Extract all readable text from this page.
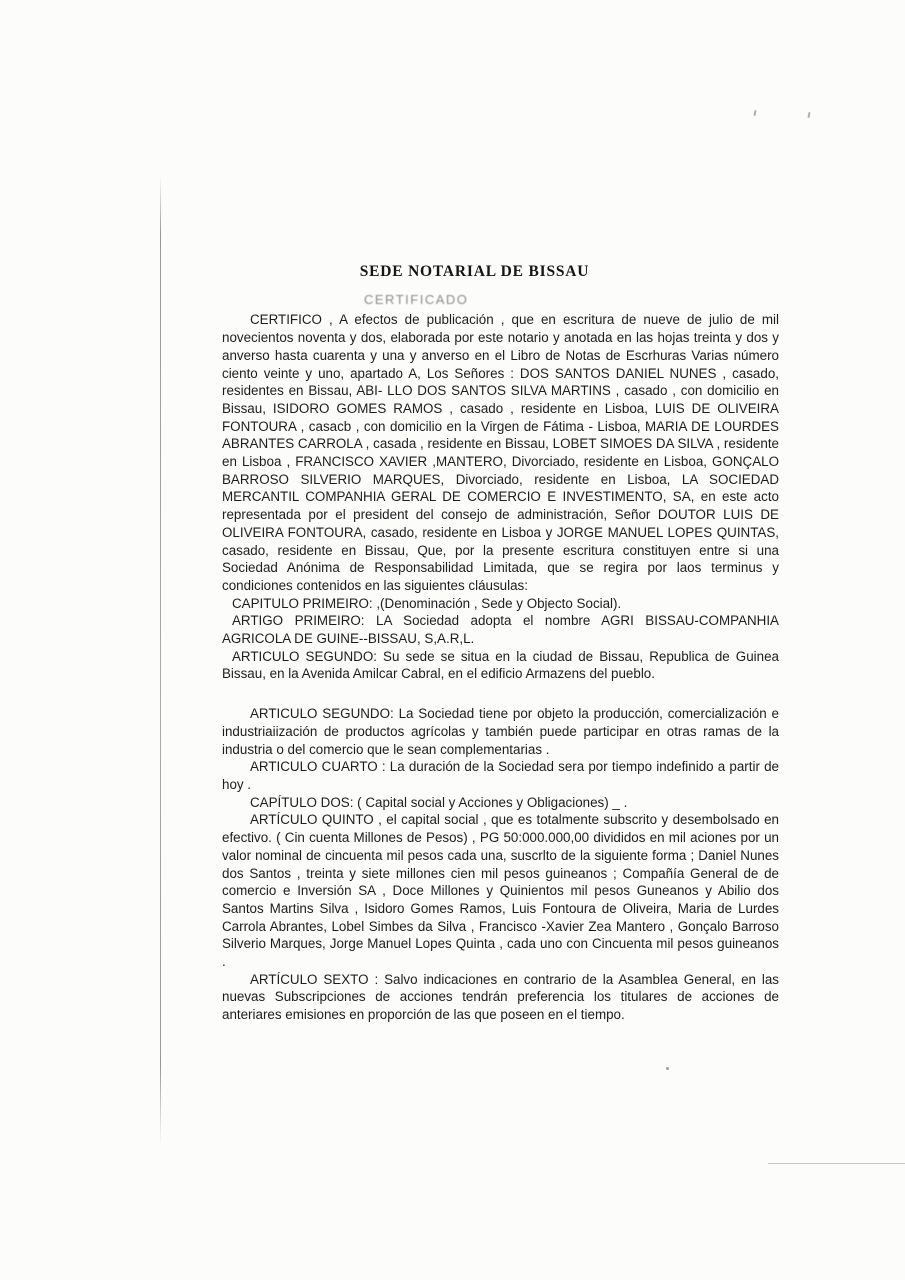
SEDE NOTARIAL DE BISSAU
CERTIFICADO

CERTIFICO , A efectos de publicación , que en escritura de nueve de julio de mil novecientos noventa y dos, elaborada por este notario y anotada en las hojas treinta y dos y anverso hasta cuarenta y una y anverso en el Libro de Notas de Escrhuras Varias número ciento veinte y uno, apartado A, Los Señores : DOS SANTOS DANIEL NUNES , casado, residentes en Bissau, ABI- LLO DOS SANTOS SILVA MARTINS , casado , con domicilio en Bissau, ISIDORO GOMES RAMOS , casado , residente en Lisboa, LUIS DE OLIVEIRA FONTOURA , casacb , con domicilio en la Virgen de Fátima - Lisboa, MARIA DE LOURDES ABRANTES CARROLA , casada , residente en Bissau, LOBET SIMOES DA SILVA , residente en Lisboa , FRANCISCO XAVIER ,MANTERO, Divorciado, residente en Lisboa, GONÇALO BARROSO SILVERIO MARQUES, Divorciado, residente en Lisboa, LA SOCIEDAD MERCANTIL COMPANHIA GERAL DE COMERCIO E INVESTIMENTO, SA, en este acto representada por el president del consejo de administración, Señor DOUTOR LUIS DE OLIVEIRA FONTOURA, casado, residente en Lisboa y JORGE MANUEL LOPES QUINTAS, casado, residente en Bissau, Que, por la presente escritura constituyen entre si una Sociedad Anónima de Responsabilidad Limitada, que se regira por laos terminus y condiciones contenidos en las siguientes cláusulas:

CAPITULO PRIMEIRO: ,(Denominación , Sede y Objecto Social).

ARTIGO PRIMEIRO: LA Sociedad adopta el nombre AGRI BISSAU-COMPANHIA AGRICOLA DE GUINE--BISSAU, S,A.R,L.

ARTICULO SEGUNDO: Su sede se situa en la ciudad de Bissau, Republica de Guinea Bissau, en la Avenida Amilcar Cabral, en el edificio Armazens del pueblo.

ARTICULO SEGUNDO: La Sociedad tiene por objeto la producción, comercialización e industriaiización de productos agrícolas y también puede participar en otras ramas de la industria o del comercio que le sean complementarias .

ARTICULO CUARTO : La duración de la Sociedad sera por tiempo indefinido a partir de hoy .

CAPÍTULO DOS: ( Capital social y Acciones y Obligaciones) _ .

ARTÍCULO QUINTO , el capital social , que es totalmente subscrito y desembolsado en efectivo. ( Cin cuenta Millones de Pesos) , PG 50:000.000,00 divididos en mil aciones por un valor nominal de cincuenta mil pesos cada una, suscrlto de la siguiente forma ; Daniel Nunes dos Santos , treinta y siete millones cien mil pesos guineanos ; Compañía General de de comercio e Inversión SA , Doce Millones y Quinientos mil pesos Guneanos y Abilio dos Santos Martins Silva , Isidoro Gomes Ramos, Luis Fontoura de Oliveira, Maria de Lurdes Carrola Abrantes, Lobel Simbes da Silva , Francisco -Xavier Zea Mantero , Gonçalo Barroso Silverio Marques, Jorge Manuel Lopes Quinta , cada uno con Cincuenta mil pesos guineanos .

ARTÍCULO SEXTO : Salvo indicaciones en contrario de la Asamblea General, en las nuevas Subscripciones de acciones tendrán preferencia los titulares de acciones de anteriares emisiones en proporción de las que poseen en el tiempo.
